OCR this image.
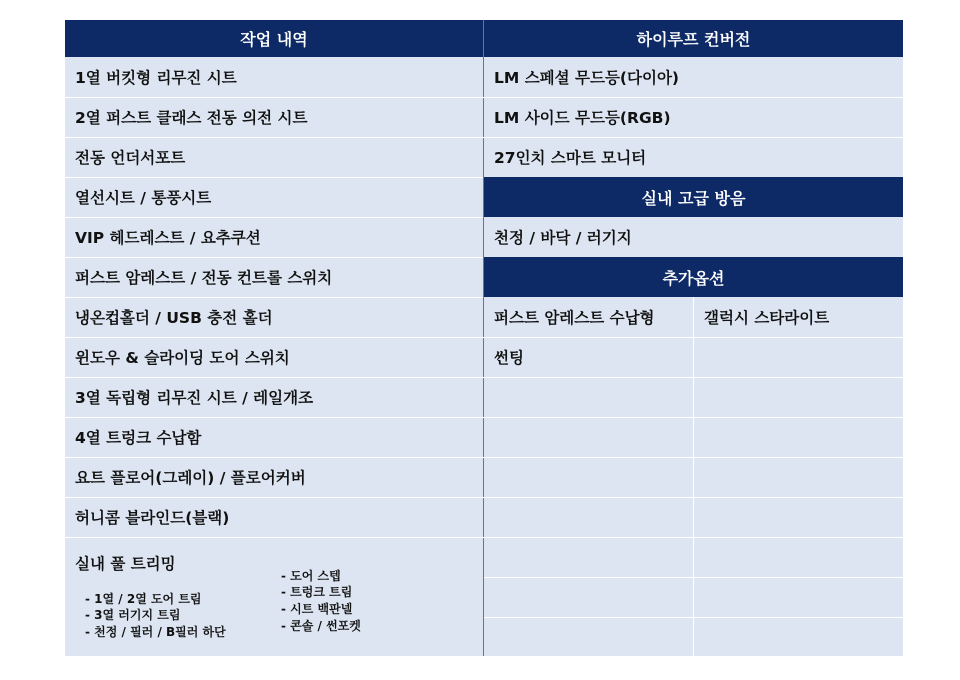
작업 내역
1열 버킷형 리무진 시트
2열 퍼스트 클래스 전동 의전 시트
전동 언더서포트
열선시트 / 통풍시트
VIP 헤드레스트 / 요추쿠션
퍼스트 암레스트 / 전동 컨트롤 스위치
냉온컵홀더 / USB 충전 홀더
윈도우 & 슬라이딩 도어 스위치
3열 독립형 리무진 시트 / 레일개조
4열 트렁크 수납함
요트 플로어(그레이) / 플로어커버
허니콤 블라인드(블랙)
실내 풀 트리밍
- 1열 / 2열 도어 트림
- 3열 러기지 트림
- 천정 / 필러 / B필러 하단
- 도어 스텝
- 트렁크 트림
- 시트 백판넬
- 콘솔 / 썬포켓
하이루프 컨버전
LM 스페셜 무드등(다이아)
LM 사이드 무드등(RGB)
27인치 스마트 모니터
실내 고급 방음
천정 / 바닥 / 러기지
추가옵션
퍼스트 암레스트 수납형	갤럭시 스타라이트
썬팅
